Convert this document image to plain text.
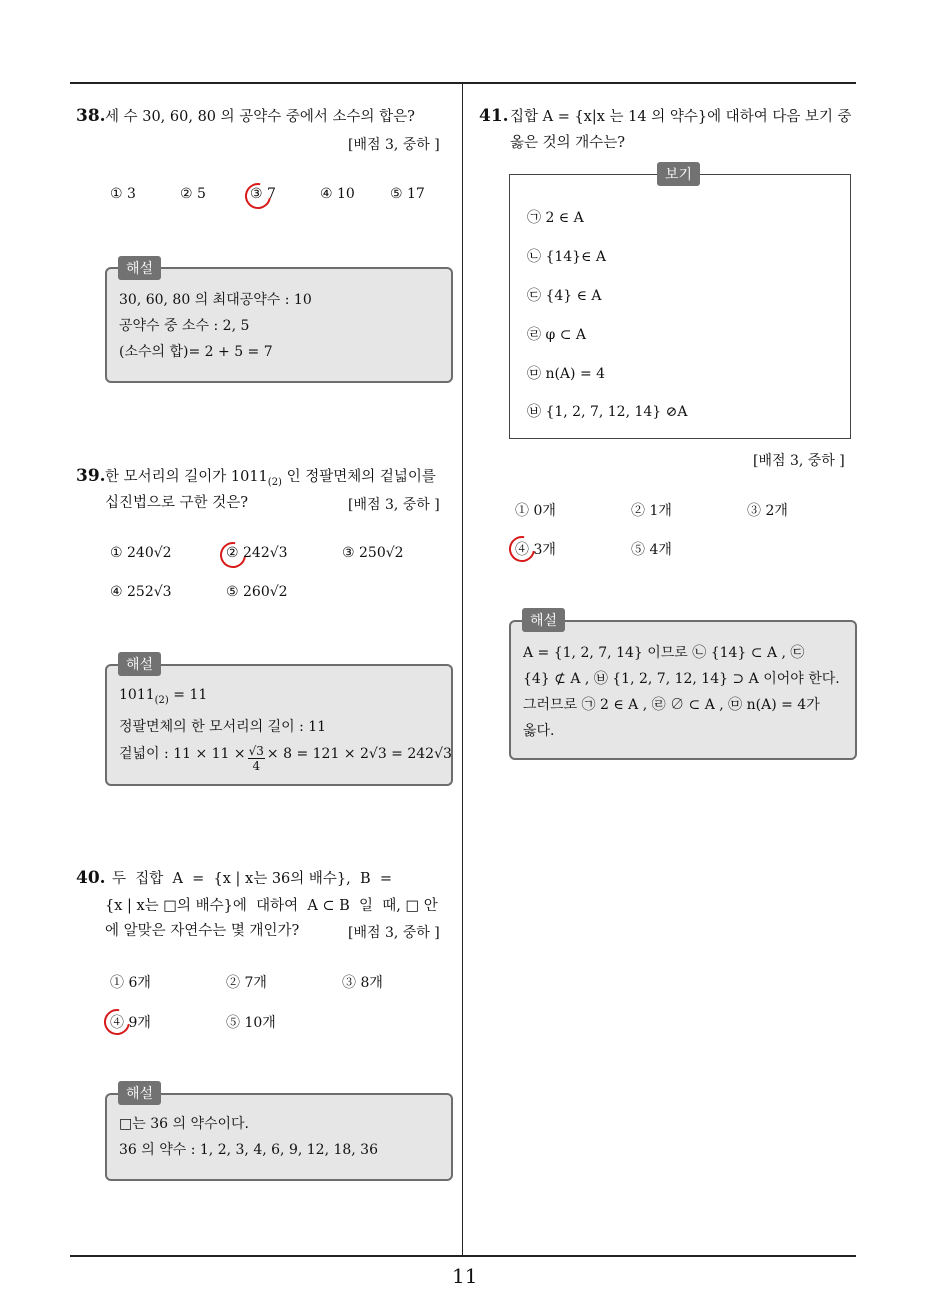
11
38. 세 수 30, 60, 80 의 공약수 중에서 소수의 합은?
[배점 3, 중하 ]
① 3	② 5	③ 7	④ 10	⑤ 17
30, 60, 80 의 최대공약수 : 10
공약수 중 소수 : 2, 5
(소수의 합)= 2 + 5 = 7
해설
39. 한 모서리의 길이가 $1011_{(2)}$ 인 정팔면체의 겉넓이를
십진법으로 구한 것은?	[배점 3, 중하 ]
① 240√2	② 242√3	③ 250√2
④ 252√3	⑤ 260√2
$1011_{(2)} = 11$
정팔면체의 한 모서리의 길이 : 11
겉넓이 : $11 \times 11 \times \frac{√3}{4} \times 8 = 121 \times 2√3 = 242√3$
해설
40. 두  집합  A  =  {x | x는 36의 배수},  B  =
{x | x는 □의 배수}에  대하여  A ⊂ B  일  때, □ 안
에 알맞은 자연수는 몇 개인가?	[배점 3, 중하 ]
① 6개	② 7개	③ 8개
④ 9개	⑤ 10개
□는 36 의 약수이다.
36 의 약수 : 1, 2, 3, 4, 6, 9, 12, 18, 36
해설
41. 집합 A = {x|x 는 14 의 약수}에 대하여 다음 보기 중
옳은 것의 개수는?
보기
㉠ 2 ∈ A
㉡ {14}∈ A
㉢ {4} ∈ A
㉣ φ ⊂ A
㉤ n(A) = 4
㉥ {1, 2, 7, 12, 14} ⊘A
[배점 3, 중하 ]
① 0개	② 1개	③ 2개
④ 3개	⑤ 4개
A = {1, 2, 7, 14} 이므로 ㉡ {14} ⊂ A , ㉢
{4} ⊄ A , ㉥ {1, 2, 7, 12, 14} ⊃ A 이어야 한다.
그러므로 ㉠ 2 ∈ A , ㉣ ∅ ⊂ A , ㉤ n(A) = 4가
옳다.
해설
